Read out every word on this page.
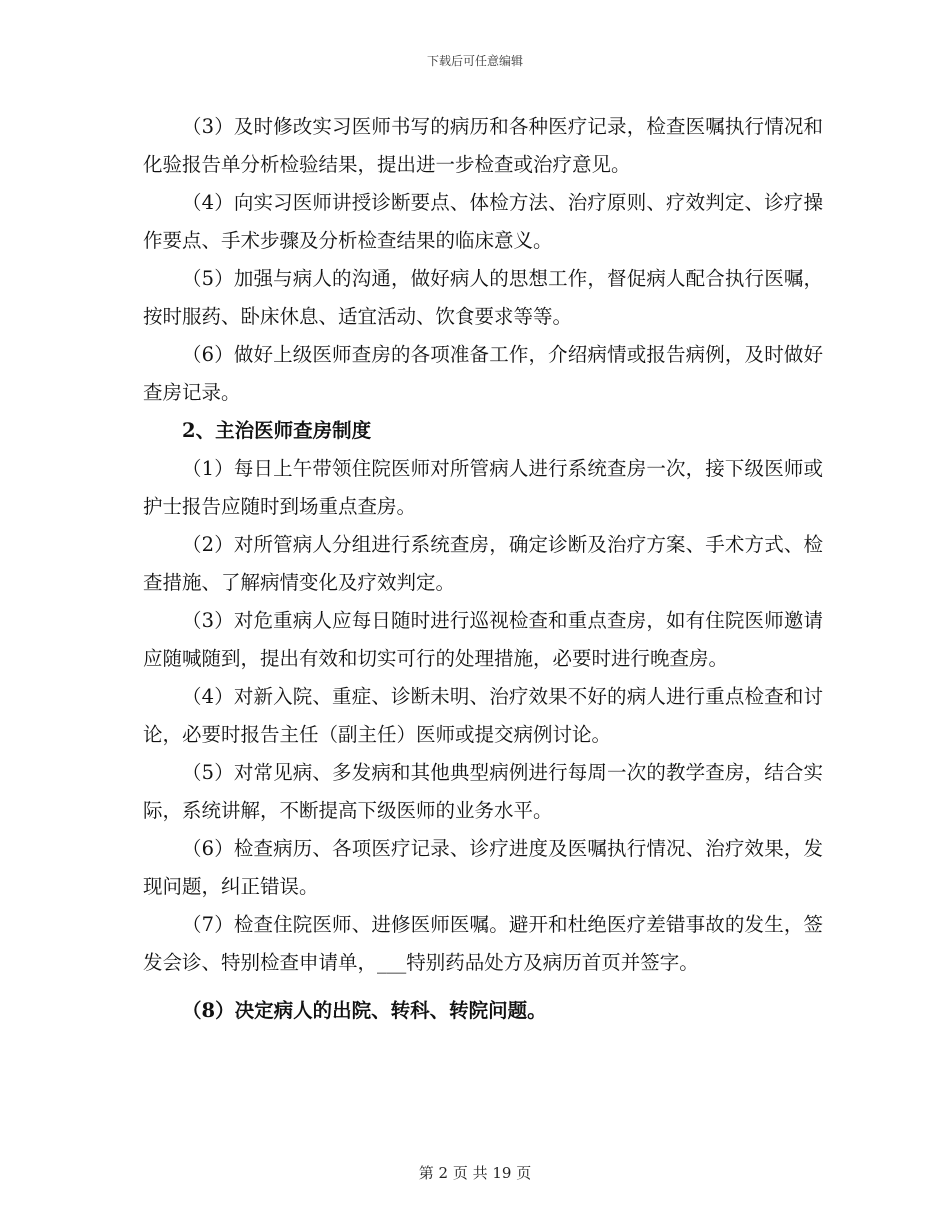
下载后可任意编辑

（3）及时修改实习医师书写的病历和各种医疗记录，检查医嘱执行情况和化验报告单分析检验结果，提出进一步检查或治疗意见。

（4）向实习医师讲授诊断要点、体检方法、治疗原则、疗效判定、诊疗操作要点、手术步骤及分析检查结果的临床意义。

（5）加强与病人的沟通，做好病人的思想工作，督促病人配合执行医嘱，按时服药、卧床休息、适宜活动、饮食要求等等。

（6）做好上级医师查房的各项准备工作，介绍病情或报告病例，及时做好查房记录。

2、主治医师查房制度

（1）每日上午带领住院医师对所管病人进行系统查房一次，接下级医师或护士报告应随时到场重点查房。

（2）对所管病人分组进行系统查房，确定诊断及治疗方案、手术方式、检查措施、了解病情变化及疗效判定。

（3）对危重病人应每日随时进行巡视检查和重点查房，如有住院医师邀请应随喊随到，提出有效和切实可行的处理措施，必要时进行晚查房。

（4）对新入院、重症、诊断未明、治疗效果不好的病人进行重点检查和讨论，必要时报告主任（副主任）医师或提交病例讨论。

（5）对常见病、多发病和其他典型病例进行每周一次的教学查房，结合实际，系统讲解，不断提高下级医师的业务水平。

（6）检查病历、各项医疗记录、诊疗进度及医嘱执行情况、治疗效果，发现问题，纠正错误。

（7）检查住院医师、进修医师医嘱。避开和杜绝医疗差错事故的发生，签发会诊、特别检查申请单，___特别药品处方及病历首页并签字。

（8）决定病人的出院、转科、转院问题。

第 2 页 共 19 页
